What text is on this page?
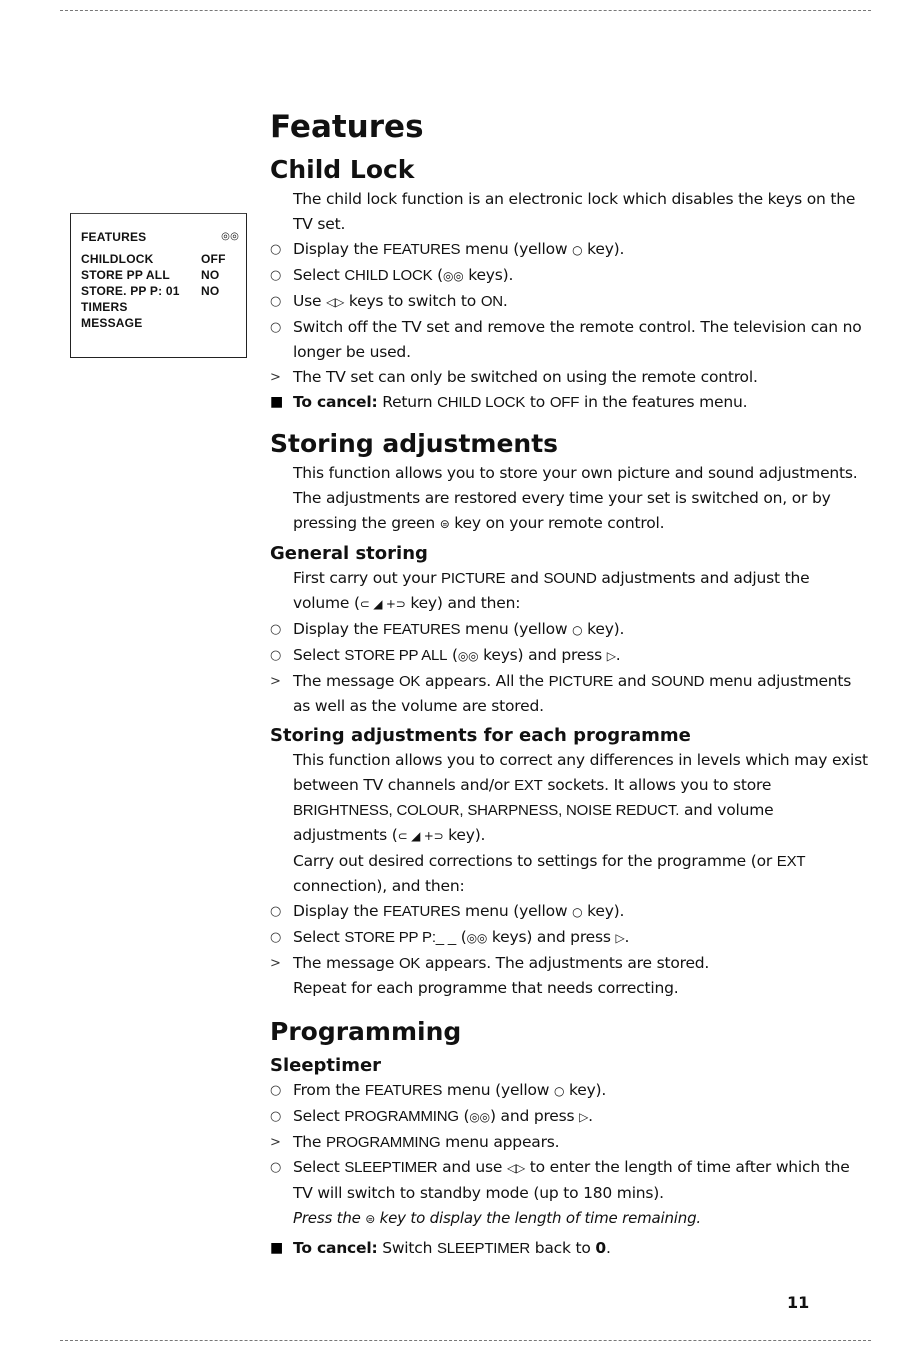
FEATURES	◎◎
CHILDLOCK	OFF
STORE PP ALL	NO
STORE. PP P: 01	NO
TIMERS
MESSAGE
Features
Child Lock
The child lock function is an electronic lock which disables the keys on the TV set.
○ Display the FEATURES menu (yellow ○ key).
○ Select CHILD LOCK (◎◎ keys).
○ Use ◁▷ keys to switch to ON.
○ Switch off the TV set and remove the remote control. The television can no longer be used.
> The TV set can only be switched on using the remote control.
■ To cancel: Return CHILD LOCK to OFF in the features menu.
Storing adjustments
This function allows you to store your own picture and sound adjustments. The adjustments are restored every time your set is switched on, or by pressing the green ⊜ key on your remote control.
General storing
First carry out your PICTURE and SOUND adjustments and adjust the volume (⊂ ◢ +⊃ key) and then:
○ Display the FEATURES menu (yellow ○ key).
○ Select STORE PP ALL (◎◎ keys) and press ▷.
> The message OK appears. All the PICTURE and SOUND menu adjustments as well as the volume are stored.
Storing adjustments for each programme
This function allows you to correct any differences in levels which may exist between TV channels and/or EXT sockets. It allows you to store BRIGHTNESS, COLOUR, SHARPNESS, NOISE REDUCT. and volume adjustments (⊂ ◢ +⊃ key).
Carry out desired corrections to settings for the programme (or EXT connection), and then:
○ Display the FEATURES menu (yellow ○ key).
○ Select STORE PP P:_ _ (◎◎ keys) and press ▷.
> The message OK appears. The adjustments are stored.
Repeat for each programme that needs correcting.
Programming
Sleeptimer
○ From the FEATURES menu (yellow ○ key).
○ Select PROGRAMMING (◎◎) and press ▷.
> The PROGRAMMING menu appears.
○ Select SLEEPTIMER and use ◁▷ to enter the length of time after which the TV will switch to standby mode (up to 180 mins).
Press the ⊜ key to display the length of time remaining.
■ To cancel: Switch SLEEPTIMER back to 0.
11
